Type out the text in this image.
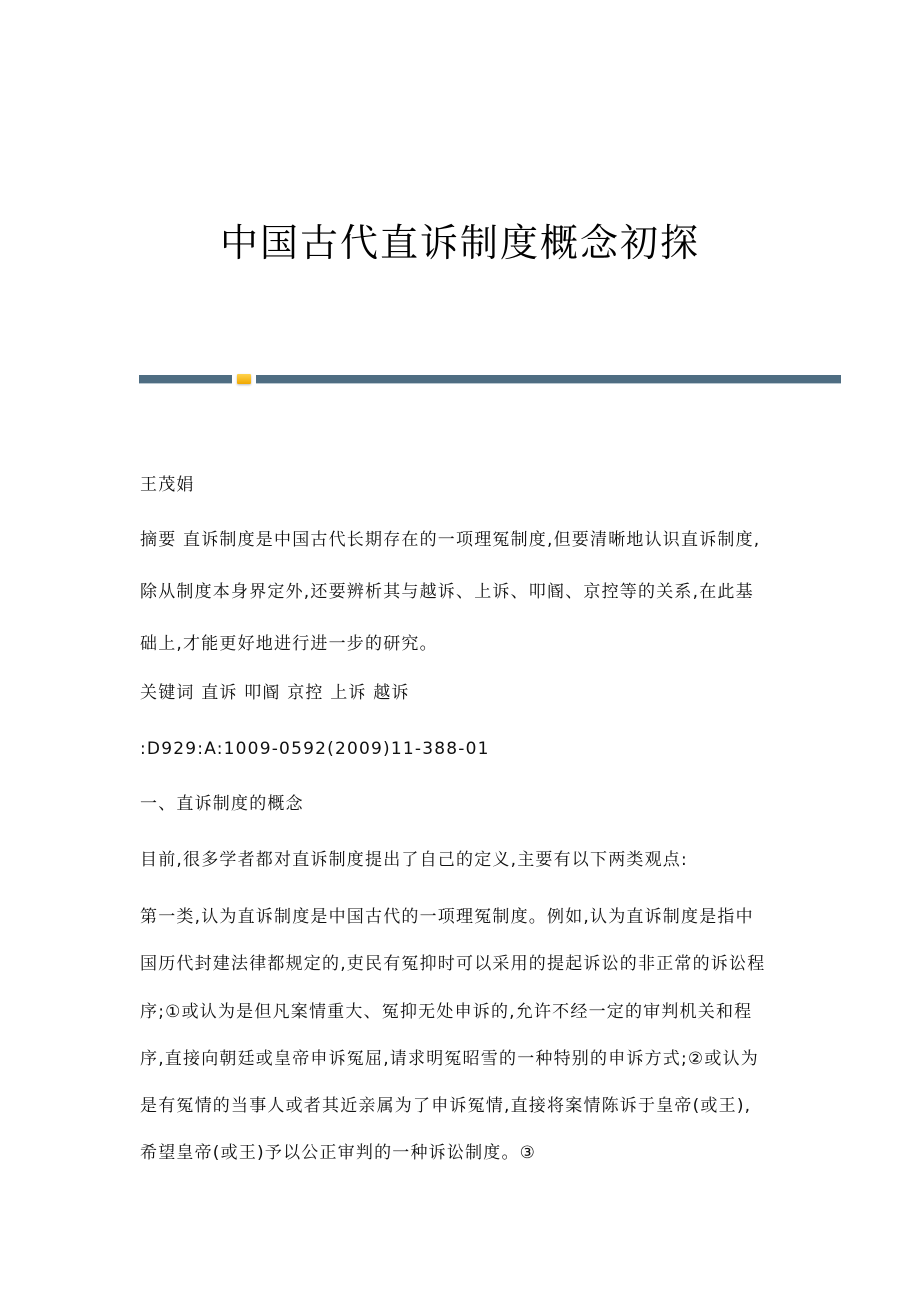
中国古代直诉制度概念初探
王茂娟
摘要 直诉制度是中国古代长期存在的一项理冤制度,但要清晰地认识直诉制度,
除从制度本身界定外,还要辨析其与越诉、上诉、叩阍、京控等的关系,在此基
础上,才能更好地进行进一步的研究。
关键词 直诉 叩阍 京控 上诉 越诉
:D929:A:1009-0592(2009)11-388-01
一、直诉制度的概念
目前,很多学者都对直诉制度提出了自己的定义,主要有以下两类观点:
第一类,认为直诉制度是中国古代的一项理冤制度。例如,认为直诉制度是指中
国历代封建法律都规定的,吏民有冤抑时可以采用的提起诉讼的非正常的诉讼程
序;①或认为是但凡案情重大、冤抑无处申诉的,允许不经一定的审判机关和程
序,直接向朝廷或皇帝申诉冤屈,请求明冤昭雪的一种特别的申诉方式;②或认为
是有冤情的当事人或者其近亲属为了申诉冤情,直接将案情陈诉于皇帝(或王),
希望皇帝(或王)予以公正审判的一种诉讼制度。③
